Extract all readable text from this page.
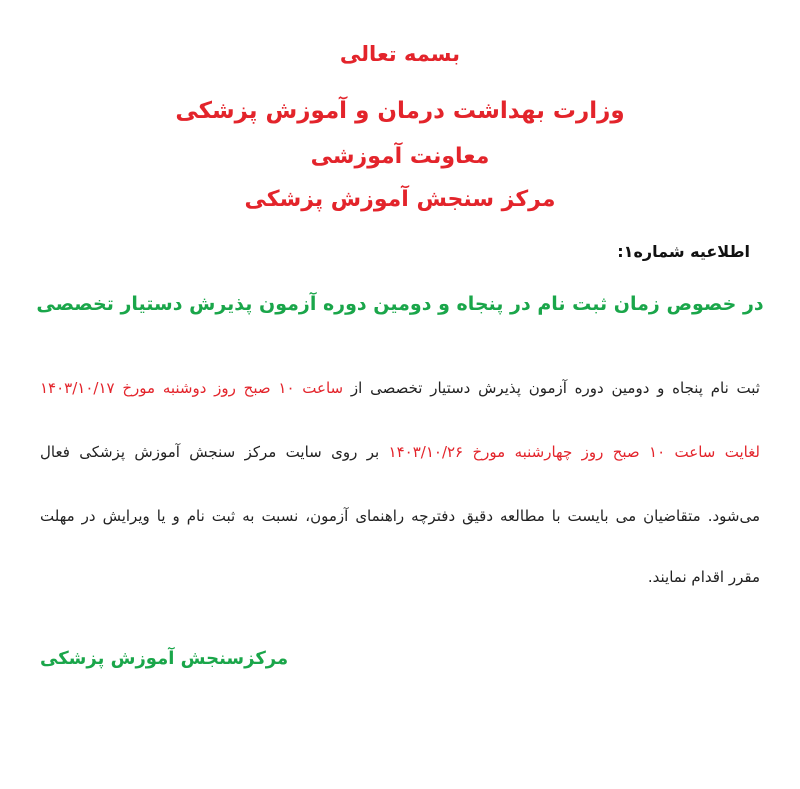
بسمه تعالی
وزارت بهداشت درمان و آموزش پزشکی
معاونت آموزشی
مرکز سنجش آموزش پزشکی
اطلاعیه شماره۱:
در خصوص زمان ثبت نام در پنجاه و دومین دوره آزمون پذیرش دستیار تخصصی
ثبت نام پنجاه و دومین دوره آزمون پذیرش دستیار تخصصی از ساعت ۱۰ صبح روز دوشنبه مورخ ۱۴۰۳/۱۰/۱۷
لغایت ساعت ۱۰ صبح روز چهارشنبه مورخ ۱۴۰۳/۱۰/۲۶ بر روی سایت مرکز سنجش آموزش پزشکی فعال
می‌شود. متقاضیان می بایست با مطالعه دقیق دفترچه راهنمای آزمون، نسبت به ثبت نام و یا ویرایش در مهلت
مقرر اقدام نمایند.
مرکزسنجش آموزش پزشکی
